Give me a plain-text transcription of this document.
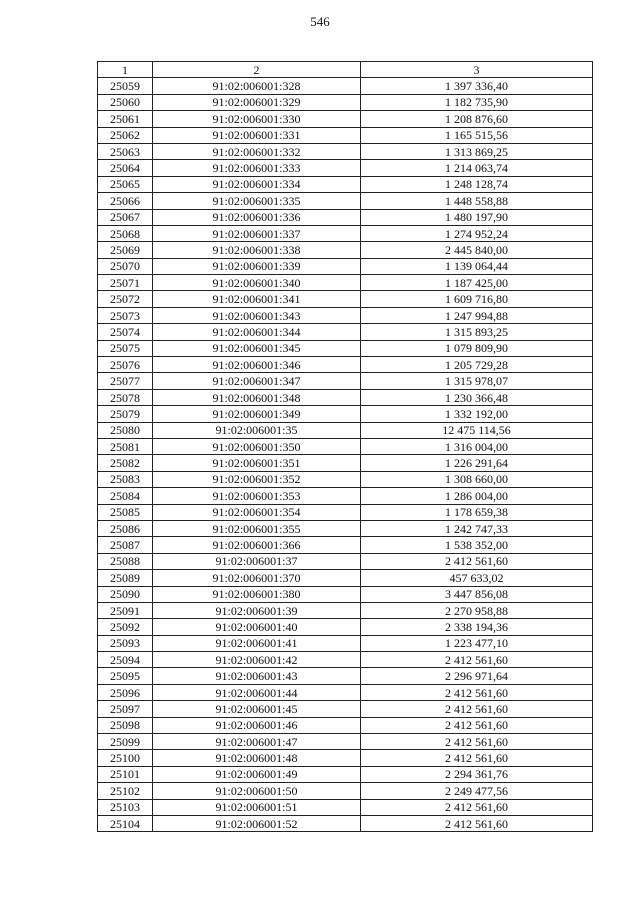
546
1	2	3
25059	91:02:006001:328	1 397 336,40
25060	91:02:006001:329	1 182 735,90
25061	91:02:006001:330	1 208 876,60
25062	91:02:006001:331	1 165 515,56
25063	91:02:006001:332	1 313 869,25
25064	91:02:006001:333	1 214 063,74
25065	91:02:006001:334	1 248 128,74
25066	91:02:006001:335	1 448 558,88
25067	91:02:006001:336	1 480 197,90
25068	91:02:006001:337	1 274 952,24
25069	91:02:006001:338	2 445 840,00
25070	91:02:006001:339	1 139 064,44
25071	91:02:006001:340	1 187 425,00
25072	91:02:006001:341	1 609 716,80
25073	91:02:006001:343	1 247 994,88
25074	91:02:006001:344	1 315 893,25
25075	91:02:006001:345	1 079 809,90
25076	91:02:006001:346	1 205 729,28
25077	91:02:006001:347	1 315 978,07
25078	91:02:006001:348	1 230 366,48
25079	91:02:006001:349	1 332 192,00
25080	91:02:006001:35	12 475 114,56
25081	91:02:006001:350	1 316 004,00
25082	91:02:006001:351	1 226 291,64
25083	91:02:006001:352	1 308 660,00
25084	91:02:006001:353	1 286 004,00
25085	91:02:006001:354	1 178 659,38
25086	91:02:006001:355	1 242 747,33
25087	91:02:006001:366	1 538 352,00
25088	91:02:006001:37	2 412 561,60
25089	91:02:006001:370	457 633,02
25090	91:02:006001:380	3 447 856,08
25091	91:02:006001:39	2 270 958,88
25092	91:02:006001:40	2 338 194,36
25093	91:02:006001:41	1 223 477,10
25094	91:02:006001:42	2 412 561,60
25095	91:02:006001:43	2 296 971,64
25096	91:02:006001:44	2 412 561,60
25097	91:02:006001:45	2 412 561,60
25098	91:02:006001:46	2 412 561,60
25099	91:02:006001:47	2 412 561,60
25100	91:02:006001:48	2 412 561,60
25101	91:02:006001:49	2 294 361,76
25102	91:02:006001:50	2 249 477,56
25103	91:02:006001:51	2 412 561,60
25104	91:02:006001:52	2 412 561,60
